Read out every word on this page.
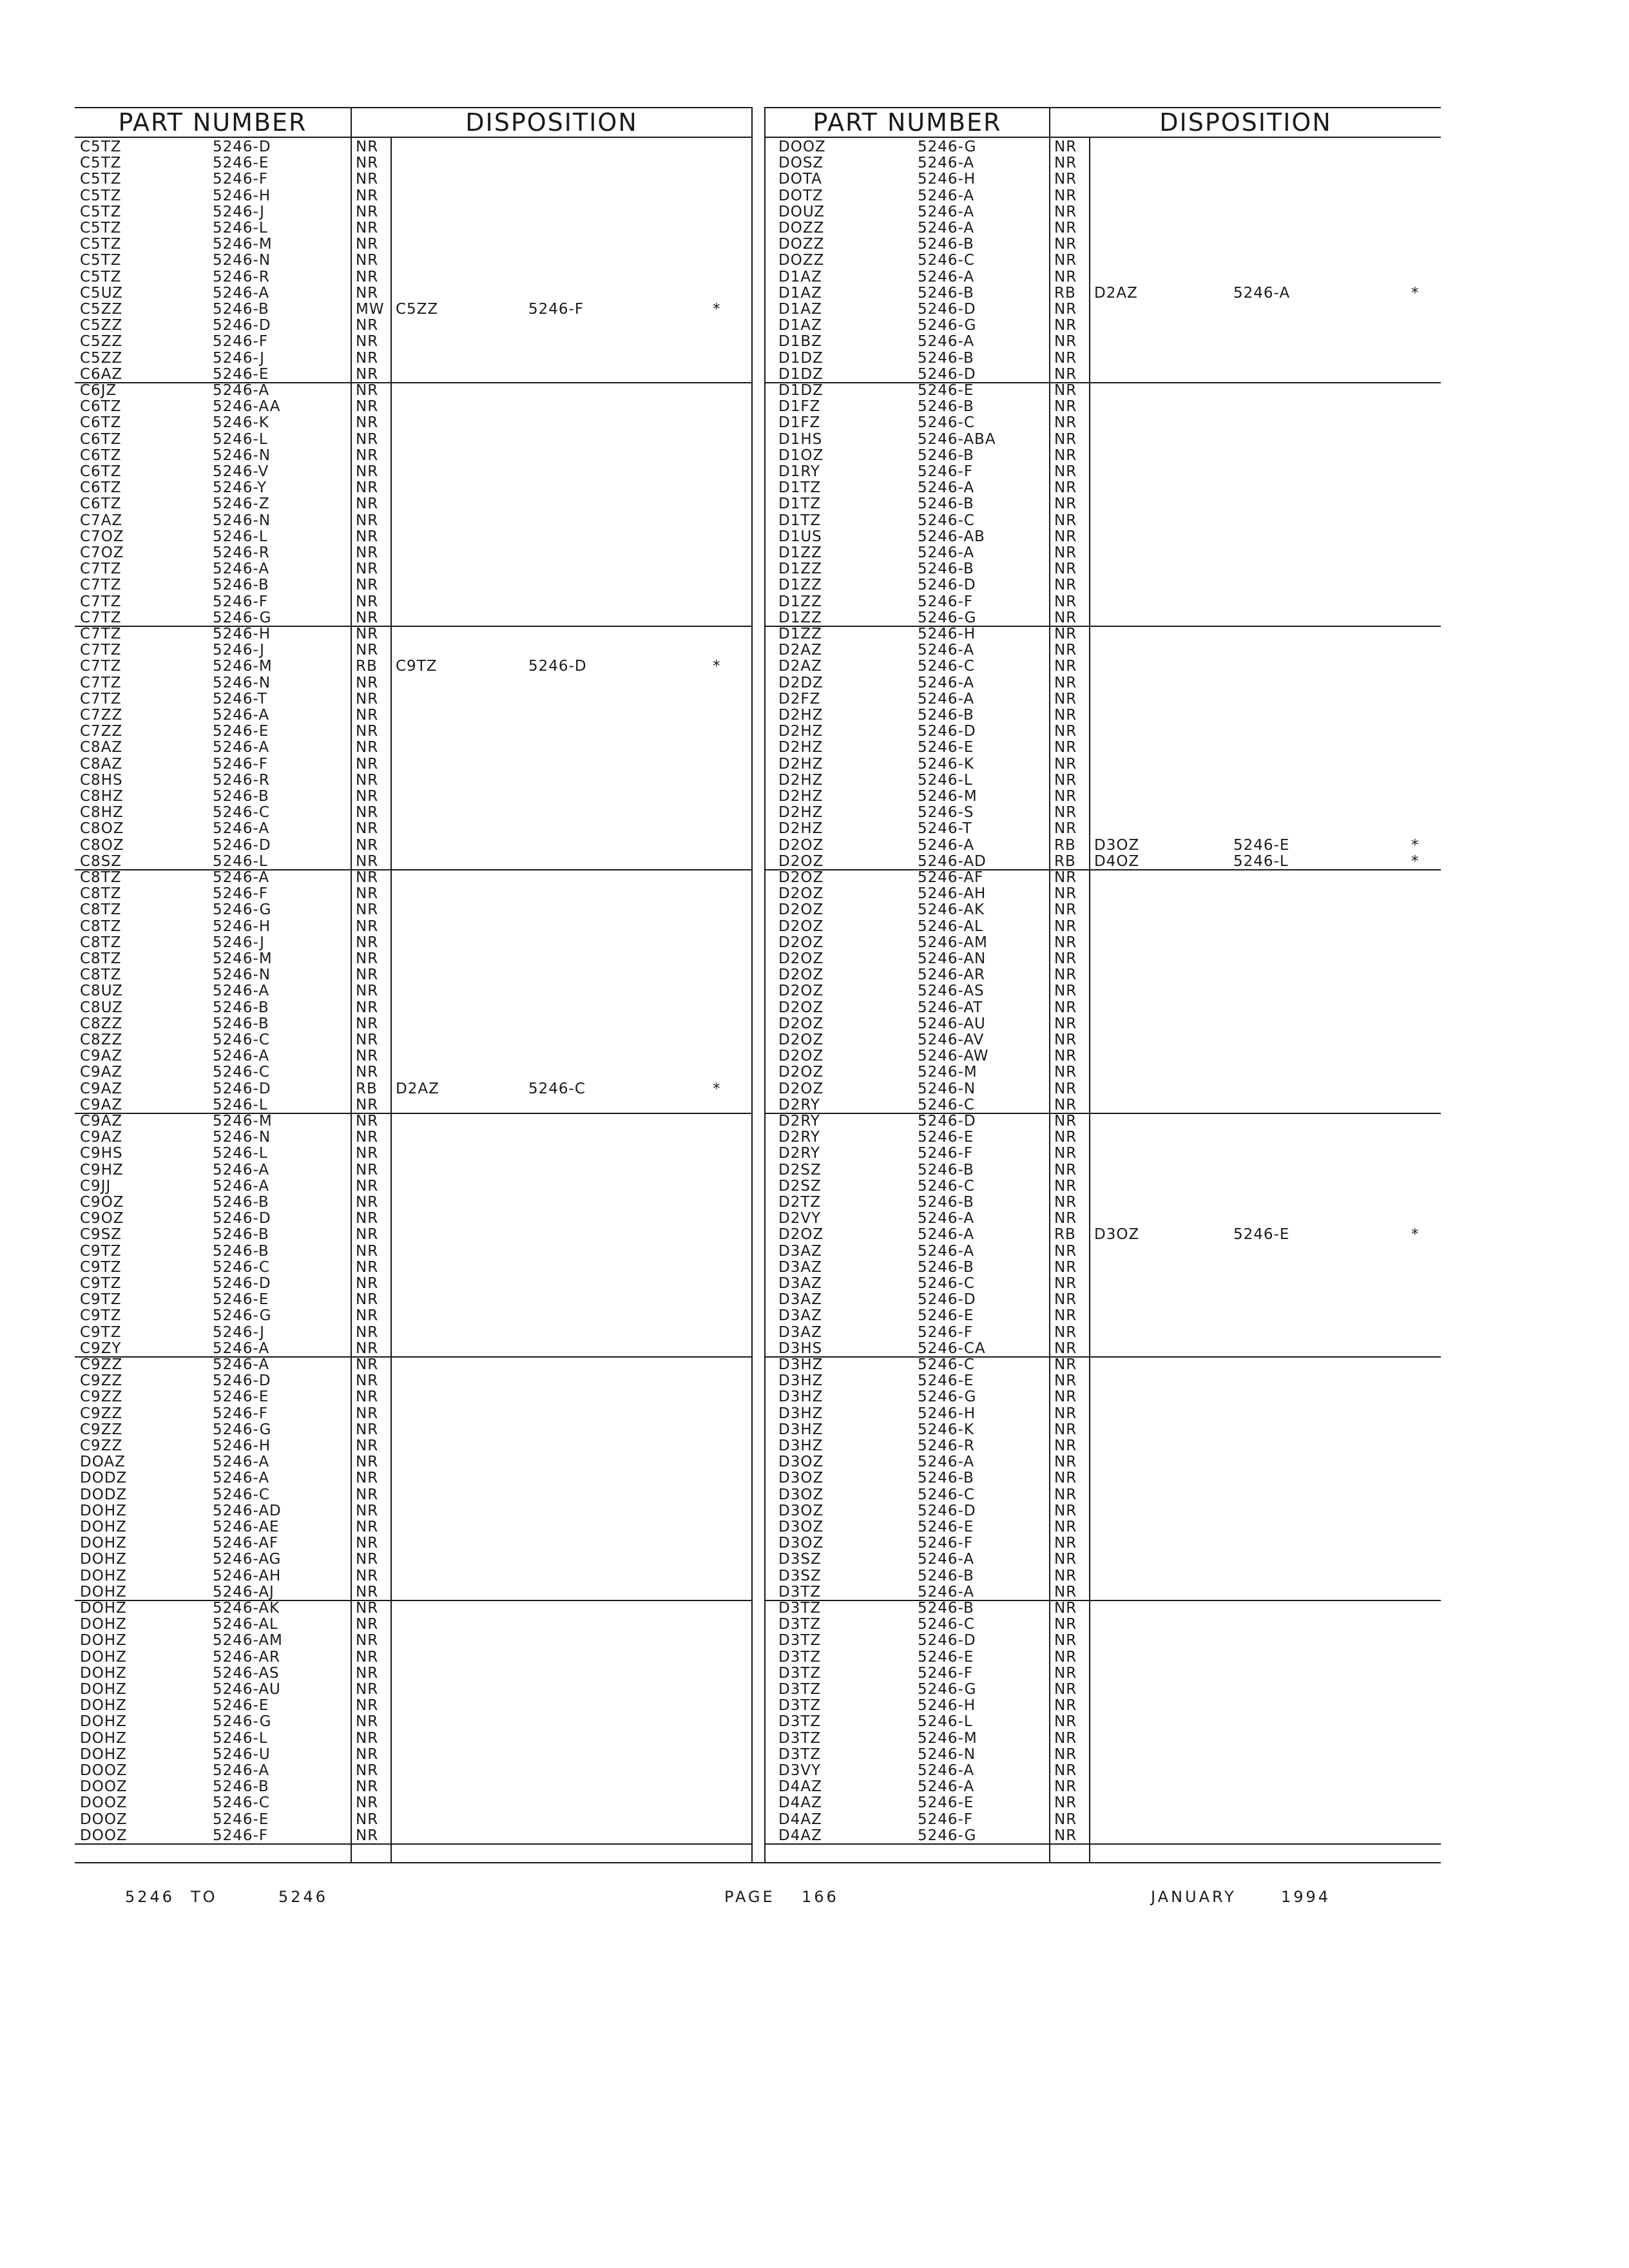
PART NUMBER	DISPOSITION	PART NUMBER	DISPOSITION
C5TZ	5246-D	NR
C5TZ	5246-E	NR
C5TZ	5246-F	NR
C5TZ	5246-H	NR
C5TZ	5246-J	NR
C5TZ	5246-L	NR
C5TZ	5246-M	NR
C5TZ	5246-N	NR
C5TZ	5246-R	NR
C5UZ	5246-A	NR
C5ZZ	5246-B	MW C5ZZ	5246-F	*
C5ZZ	5246-D	NR
C5ZZ	5246-F	NR
C5ZZ	5246-J	NR
C6AZ	5246-E	NR
C6JZ	5246-A	NR
C6TZ	5246-AA	NR
C6TZ	5246-K	NR
C6TZ	5246-L	NR
C6TZ	5246-N	NR
C6TZ	5246-V	NR
C6TZ	5246-Y	NR
C6TZ	5246-Z	NR
C7AZ	5246-N	NR
C7OZ	5246-L	NR
C7OZ	5246-R	NR
C7TZ	5246-A	NR
C7TZ	5246-B	NR
C7TZ	5246-F	NR
C7TZ	5246-G	NR
C7TZ	5246-H	NR
C7TZ	5246-J	NR
C7TZ	5246-M	RB C9TZ	5246-D	*
C7TZ	5246-N	NR
C7TZ	5246-T	NR
C7ZZ	5246-A	NR
C7ZZ	5246-E	NR
C8AZ	5246-A	NR
C8AZ	5246-F	NR
C8HS	5246-R	NR
C8HZ	5246-B	NR
C8HZ	5246-C	NR
C8OZ	5246-A	NR
C8OZ	5246-D	NR
C8SZ	5246-L	NR
C8TZ	5246-A	NR
C8TZ	5246-F	NR
C8TZ	5246-G	NR
C8TZ	5246-H	NR
C8TZ	5246-J	NR
C8TZ	5246-M	NR
C8TZ	5246-N	NR
C8UZ	5246-A	NR
C8UZ	5246-B	NR
C8ZZ	5246-B	NR
C8ZZ	5246-C	NR
C9AZ	5246-A	NR
C9AZ	5246-C	NR
C9AZ	5246-D	RB D2AZ	5246-C	*
C9AZ	5246-L	NR
C9AZ	5246-M	NR
C9AZ	5246-N	NR
C9HS	5246-L	NR
C9HZ	5246-A	NR
C9JJ	5246-A	NR
C9OZ	5246-B	NR
C9OZ	5246-D	NR
C9SZ	5246-B	NR
C9TZ	5246-B	NR
C9TZ	5246-C	NR
C9TZ	5246-D	NR
C9TZ	5246-E	NR
C9TZ	5246-G	NR
C9TZ	5246-J	NR
C9ZY	5246-A	NR
C9ZZ	5246-A	NR
C9ZZ	5246-D	NR
C9ZZ	5246-E	NR
C9ZZ	5246-F	NR
C9ZZ	5246-G	NR
C9ZZ	5246-H	NR
DOAZ	5246-A	NR
DODZ	5246-A	NR
DODZ	5246-C	NR
DOHZ	5246-AD	NR
DOHZ	5246-AE	NR
DOHZ	5246-AF	NR
DOHZ	5246-AG	NR
DOHZ	5246-AH	NR
DOHZ	5246-AJ	NR
DOHZ	5246-AK	NR
DOHZ	5246-AL	NR
DOHZ	5246-AM	NR
DOHZ	5246-AR	NR
DOHZ	5246-AS	NR
DOHZ	5246-AU	NR
DOHZ	5246-E	NR
DOHZ	5246-G	NR
DOHZ	5246-L	NR
DOHZ	5246-U	NR
DOOZ	5246-A	NR
DOOZ	5246-B	NR
DOOZ	5246-C	NR
DOOZ	5246-E	NR
DOOZ	5246-F	NR
DOOZ	5246-G	NR
DOSZ	5246-A	NR
DOTA	5246-H	NR
DOTZ	5246-A	NR
DOUZ	5246-A	NR
DOZZ	5246-A	NR
DOZZ	5246-B	NR
DOZZ	5246-C	NR
D1AZ	5246-A	NR
D1AZ	5246-B	RB D2AZ	5246-A	*
D1AZ	5246-D	NR
D1AZ	5246-G	NR
D1BZ	5246-A	NR
D1DZ	5246-B	NR
D1DZ	5246-D	NR
D1DZ	5246-E	NR
D1FZ	5246-B	NR
D1FZ	5246-C	NR
D1HS	5246-ABA	NR
D1OZ	5246-B	NR
D1RY	5246-F	NR
D1TZ	5246-A	NR
D1TZ	5246-B	NR
D1TZ	5246-C	NR
D1US	5246-AB	NR
D1ZZ	5246-A	NR
D1ZZ	5246-B	NR
D1ZZ	5246-D	NR
D1ZZ	5246-F	NR
D1ZZ	5246-G	NR
D1ZZ	5246-H	NR
D2AZ	5246-A	NR
D2AZ	5246-C	NR
D2DZ	5246-A	NR
D2FZ	5246-A	NR
D2HZ	5246-B	NR
D2HZ	5246-D	NR
D2HZ	5246-E	NR
D2HZ	5246-K	NR
D2HZ	5246-L	NR
D2HZ	5246-M	NR
D2HZ	5246-S	NR
D2HZ	5246-T	NR
D2OZ	5246-A	RB D3OZ	5246-E	*
D2OZ	5246-AD	RB D4OZ	5246-L	*
D2OZ	5246-AF	NR
D2OZ	5246-AH	NR
D2OZ	5246-AK	NR
D2OZ	5246-AL	NR
D2OZ	5246-AM	NR
D2OZ	5246-AN	NR
D2OZ	5246-AR	NR
D2OZ	5246-AS	NR
D2OZ	5246-AT	NR
D2OZ	5246-AU	NR
D2OZ	5246-AV	NR
D2OZ	5246-AW	NR
D2OZ	5246-M	NR
D2OZ	5246-N	NR
D2RY	5246-C	NR
D2RY	5246-D	NR
D2RY	5246-E	NR
D2RY	5246-F	NR
D2SZ	5246-B	NR
D2SZ	5246-C	NR
D2TZ	5246-B	NR
D2VY	5246-A	NR
D2OZ	5246-A	RB D3OZ	5246-E	*
D3AZ	5246-A	NR
D3AZ	5246-B	NR
D3AZ	5246-C	NR
D3AZ	5246-D	NR
D3AZ	5246-E	NR
D3AZ	5246-F	NR
D3HS	5246-CA	NR
D3HZ	5246-C	NR
D3HZ	5246-E	NR
D3HZ	5246-G	NR
D3HZ	5246-H	NR
D3HZ	5246-K	NR
D3HZ	5246-R	NR
D3OZ	5246-A	NR
D3OZ	5246-B	NR
D3OZ	5246-C	NR
D3OZ	5246-D	NR
D3OZ	5246-E	NR
D3OZ	5246-F	NR
D3SZ	5246-A	NR
D3SZ	5246-B	NR
D3TZ	5246-A	NR
D3TZ	5246-B	NR
D3TZ	5246-C	NR
D3TZ	5246-D	NR
D3TZ	5246-E	NR
D3TZ	5246-F	NR
D3TZ	5246-G	NR
D3TZ	5246-H	NR
D3TZ	5246-L	NR
D3TZ	5246-M	NR
D3TZ	5246-N	NR
D3VY	5246-A	NR
D4AZ	5246-A	NR
D4AZ	5246-E	NR
D4AZ	5246-F	NR
D4AZ	5246-G	NR
5246 TO	5246	PAGE 166	JANUARY	1994
